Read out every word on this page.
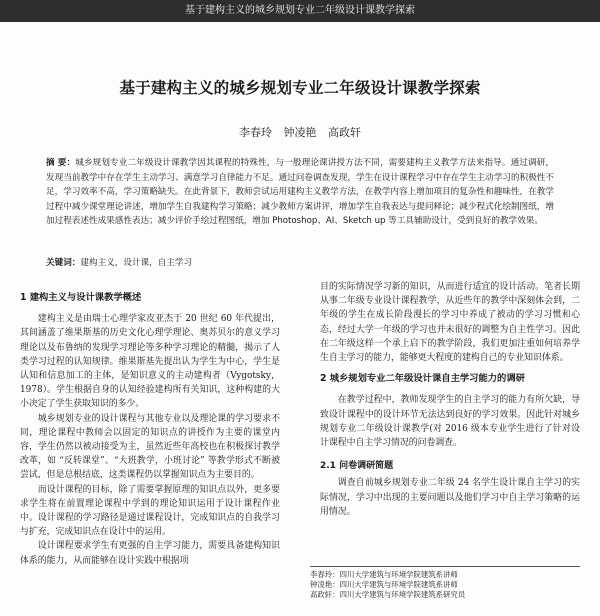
基于建构主义的城乡规划专业二年级设计课教学探索
基于建构主义的城乡规划专业二年级设计课教学探索
李春玲 钟凌艳 高政轩
摘 要：城乡规划专业二年级设计课教学因其课程的特殊性，与一般理论课讲授方法不同，需要建构主义教学方法来指导。通过调研，发现当前教学中存在学生主动学习、满意学习自律能力不足。通过问卷调查发现，学生在设计课程学习中存在学生主动学习的积极性不足，学习效率不高，学习策略缺失。在此背景下，教师尝试运用建构主义教学方法，在教学内容上增加项目的复杂性和趣味性，在教学过程中减少课堂理论讲述，增加学生自我建构学习策略；减少教师方案讲评，增加学生自我表达与提问释论；减少程式化绘制图纸，增加过程表述性成果感性表达；减少评价手绘过程图纸，增加 Photoshop、AI、Sketch up 等工具辅助设计，受到良好的教学效果。
关键词：建构主义，设计课，自主学习
1 建构主义与设计课教学概述

建构主义是由瑞士心理学家皮亚杰于 20 世纪 60 年代提出，其间涵盖了维果斯基的历史文化心理学理论、奥苏贝尔的意义学习理论以及布鲁纳的发现学习理论等多种学习理论的精髓，揭示了人类学习过程的认知规律。维果斯基先提出认为学生为中心，学生是认知和信息加工的主体，是知识意义的主动建构者（Vygotsky，1978）。学生根据自身的认知经验建构所有关知识，这种构建的大小决定了学生获取知识的多少。

城乡规划专业的设计课程与其他专业以及理论课的学习要求不同，理论课程中教师会以固定的知识点的讲授作为主要的课堂内容，学生仍然以被动接受为主，虽然近些年高校也在积极探讨教学改革，如 “反转课堂”、“大班教学，小班讨论” 等教学形式不断被尝试，但是总根结底，这类课程仍以掌握知识点为主要目的。

而设计课程的目标，除了需要掌握原理的知识点以外，更多要求学生将在前置理论课程中学到的理论知识运用于设计课程作业中。设计课程的学习路径是通过课程设计，完成知识点的自我学习与扩充，完成知识点在设计中的运用。

设计课程要求学生有更强的自主学习能力，需要具备建构知识体系的能力，从而能够在设计实践中根据项

目的实际情况学习新的知识，从而进行适宜的设计活动。笔者长期从事二年级专业设计课程教学，从近些年的教学中深刻体会到，二年级的学生在成长阶段漫长的学习中养成了被动的学习习惯和心态，经过大学一年级的学习也并未很好的调整为自主性学习。因此在二年级这样一个承上启下的教学阶段，我们更加注重如何培养学生自主学习的能力，能够更大程度的建构自己的专业知识体系。

2 城乡规划专业二年级设计课自主学习能力的调研

在教学过程中，教师发现学生的自主学习的能力有所欠缺，导致设计课程中的设计环节无法达到良好的学习效果。因此针对城乡规划专业二年级设计课教学(对 2016 级本专业学生进行了针对设计课程中自主学习情况的问卷调查。

2.1 问卷调研简题

调查自前城乡规划专业二年级 24 名学生设计课自主学习的实际情况，学习中出现的主要问题以及他们学习中自主学习策略的运用情况。

李春玲：四川大学建筑与环境学院建筑系讲师
钟凌艳：四川大学建筑与环境学院建筑系讲师
高政轩：四川大学建筑与环境学院建筑系研究员
